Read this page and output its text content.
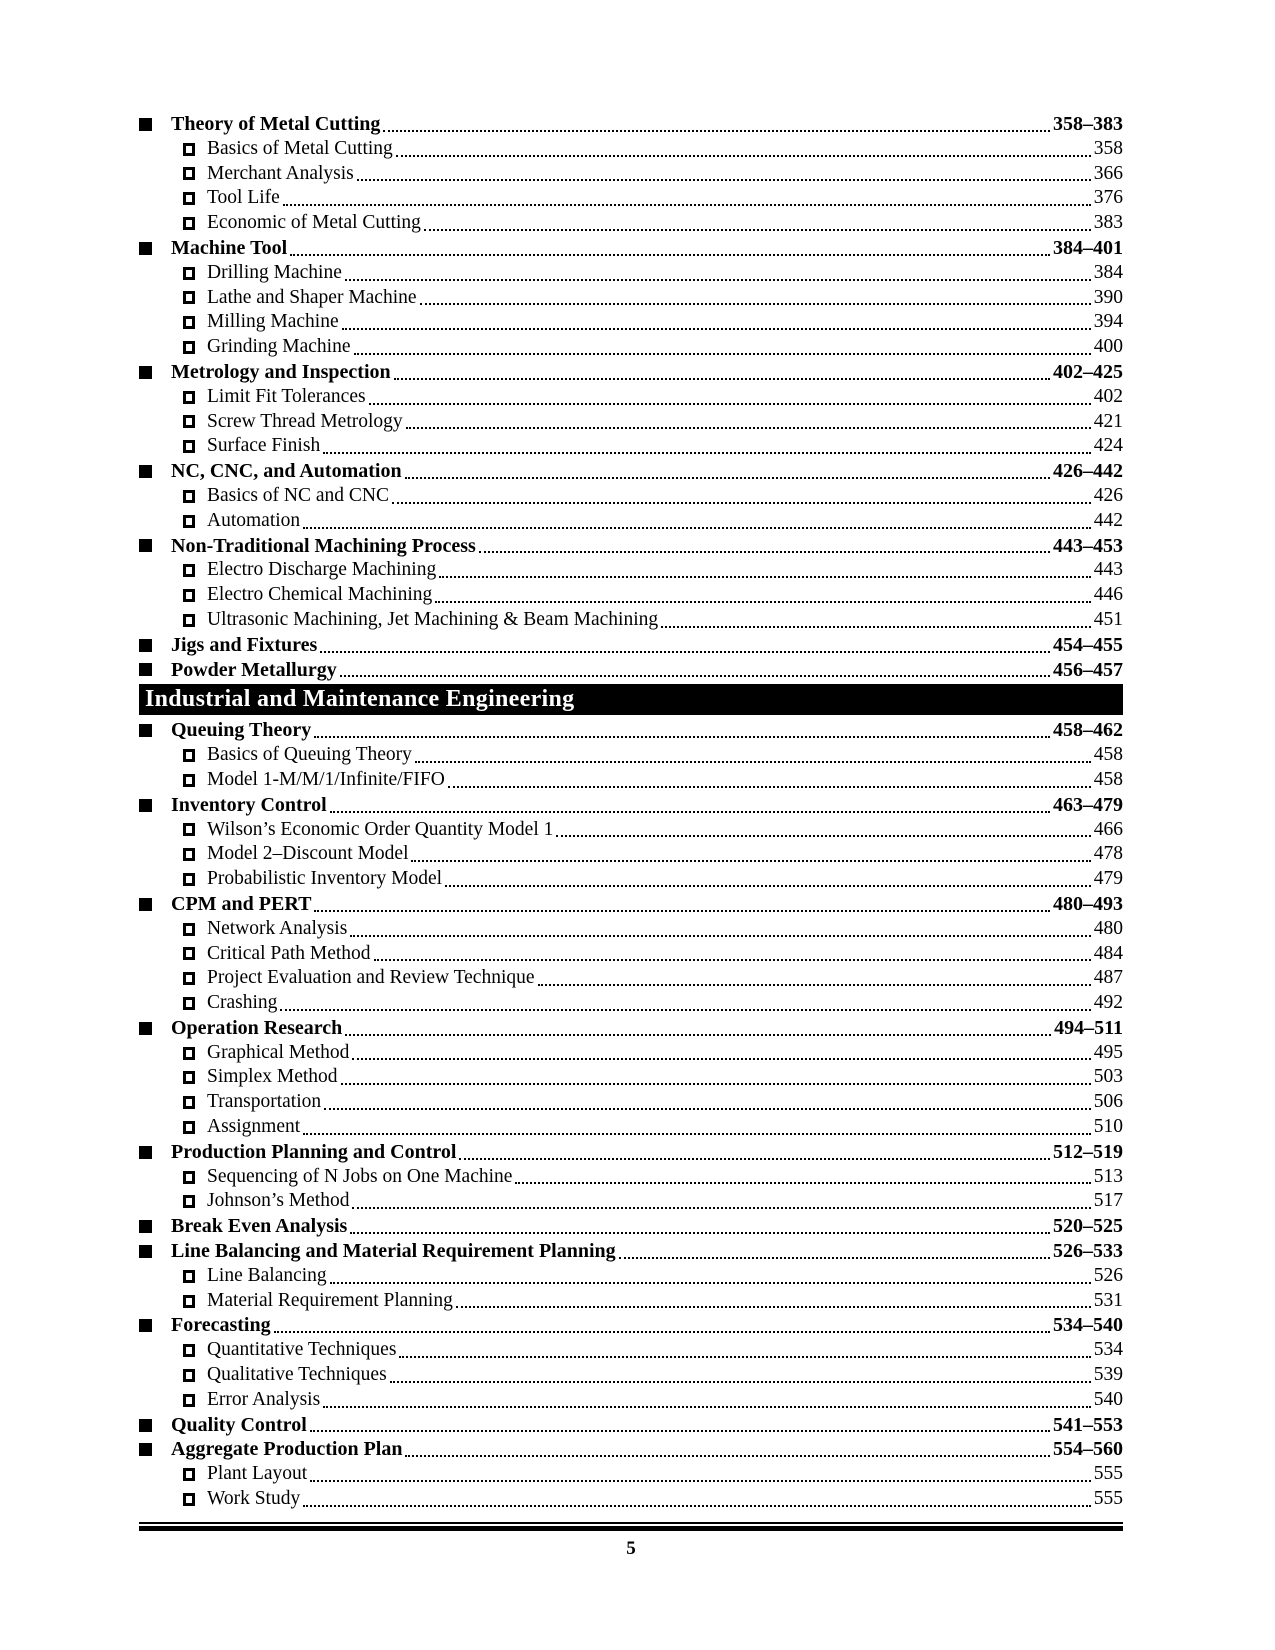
Theory of Metal Cutting	358–383
Basics of Metal Cutting	358
Merchant Analysis	366
Tool Life	376
Economic of Metal Cutting	383
Machine Tool	384–401
Drilling Machine	384
Lathe and Shaper Machine	390
Milling Machine	394
Grinding Machine	400
Metrology and Inspection	402–425
Limit Fit Tolerances	402
Screw Thread Metrology	421
Surface Finish	424
NC, CNC, and Automation	426–442
Basics of NC and CNC	426
Automation	442
Non-Traditional Machining Process	443–453
Electro Discharge Machining	443
Electro Chemical Machining	446
Ultrasonic Machining, Jet Machining & Beam Machining	451
Jigs and Fixtures	454–455
Powder Metallurgy	456–457
Industrial and Maintenance Engineering
Queuing Theory	458–462
Basics of Queuing Theory	458
Model 1-M/M/1/Infinite/FIFO	458
Inventory Control	463–479
Wilson’s Economic Order Quantity Model 1	466
Model 2–Discount Model	478
Probabilistic Inventory Model	479
CPM and PERT	480–493
Network Analysis	480
Critical Path Method	484
Project Evaluation and Review Technique	487
Crashing	492
Operation Research	494–511
Graphical Method	495
Simplex Method	503
Transportation	506
Assignment	510
Production Planning and Control	512–519
Sequencing of N Jobs on One Machine	513
Johnson’s Method	517
Break Even Analysis	520–525
Line Balancing and Material Requirement Planning	526–533
Line Balancing	526
Material Requirement Planning	531
Forecasting	534–540
Quantitative Techniques	534
Qualitative Techniques	539
Error Analysis	540
Quality Control	541–553
Aggregate Production Plan	554–560
Plant Layout	555
Work Study	555
5
